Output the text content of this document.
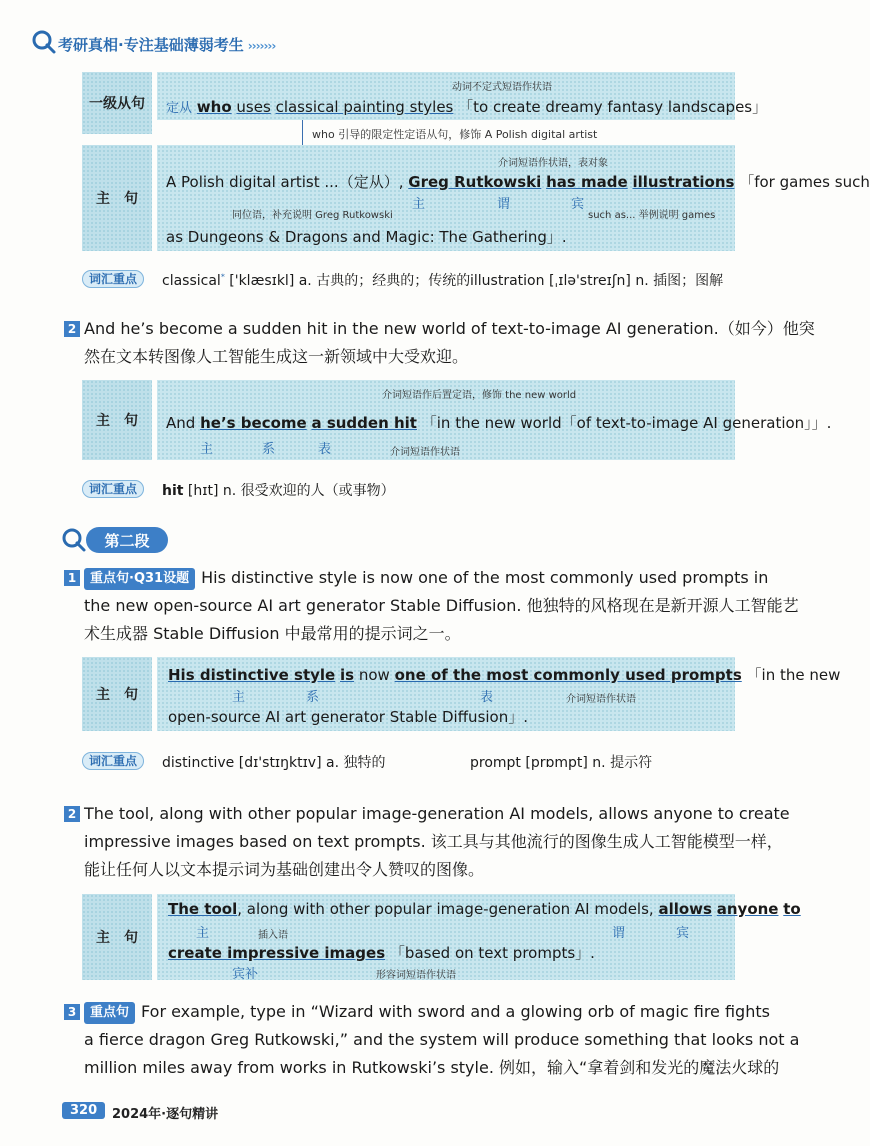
考研真相·专注基础薄弱考生 ›››››››
一级从句
动词不定式短语作状语
定从 who uses classical painting styles 「to create dreamy fantasy landscapes」
who 引导的限定性定语从句，修饰 A Polish digital artist
主　句
介词短语作状语，表对象
A Polish digital artist ...（定从）, Greg Rutkowski has made illustrations 「for games such
同位语，补充说明 Greg Rutkowski
主	谓	宾
such as... 举例说明 games
as Dungeons & Dragons and Magic: The Gathering」.
词汇重点	classical* ['klæsɪkl] a. 古典的；经典的；传统的 illustration [ˌɪlə'streɪʃn] n. 插图；图解
2 And he’s become a sudden hit in the new world of text-to-image AI generation.（如今）他突
然在文本转图像人工智能生成这一新领域中大受欢迎。
主　句
介词短语作后置定语，修饰 the new world
And he’s become a sudden hit 「in the new world「of text-to-image AI generation」」.
主	系	表	介词短语作状语
词汇重点	hit [hɪt] n. 很受欢迎的人（或事物）
第二段
1 重点句·Q31设题 His distinctive style is now one of the most commonly used prompts in
the new open-source AI art generator Stable Diffusion. 他独特的风格现在是新开源人工智能艺
术生成器 Stable Diffusion 中最常用的提示词之一。
主　句
His distinctive style is now one of the most commonly used prompts 「in the new
主	系	表	介词短语作状语
open-source AI art generator Stable Diffusion」.
词汇重点	distinctive [dɪ'stɪŋktɪv] a. 独特的	prompt [prɒmpt] n. 提示符
2 The tool, along with other popular image-generation AI models, allows anyone to create
impressive images based on text prompts. 该工具与其他流行的图像生成人工智能模型一样，
能让任何人以文本提示词为基础创建出令人赞叹的图像。
主　句
The tool, along with other popular image-generation AI models, allows anyone to
主	插入语	谓	宾
create impressive images 「based on text prompts」.
宾补	形容词短语作状语
3 重点句 For example, type in “Wizard with sword and a glowing orb of magic fire fights
a fierce dragon Greg Rutkowski,” and the system will produce something that looks not a
million miles away from works in Rutkowski’s style. 例如，输入“拿着剑和发光的魔法火球的
320	2024年·逐句精讲
